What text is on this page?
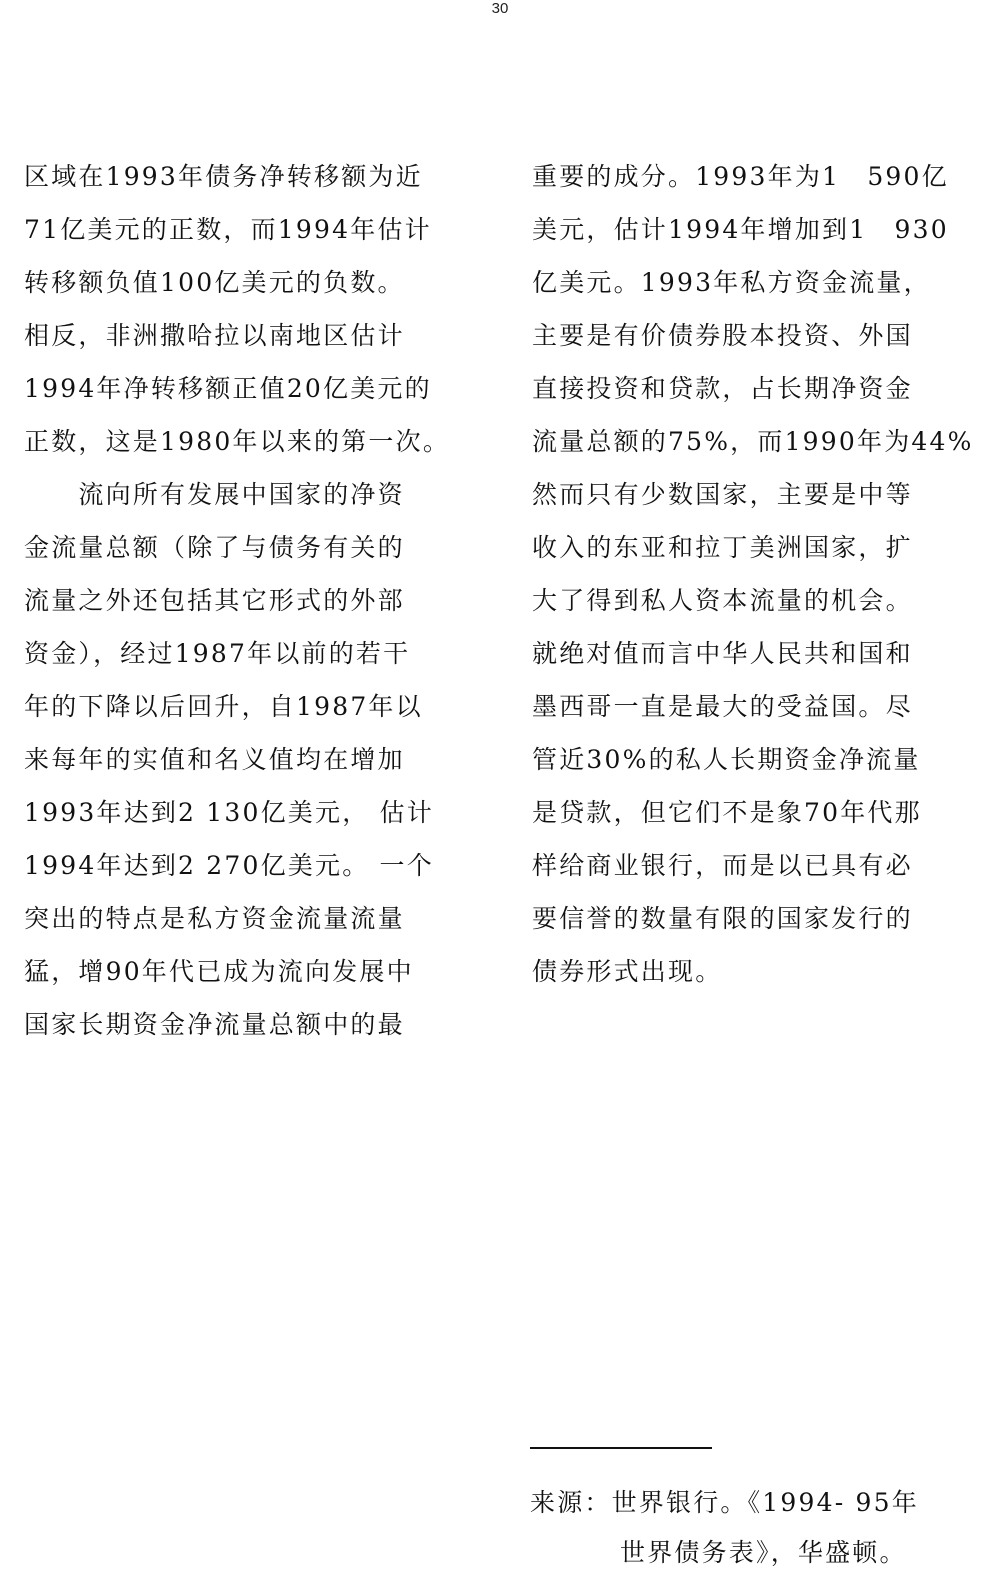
30
区域在1993年债务净转移额为近
71亿美元的正数，而1994年估计
转移额负值100亿美元的负数。
相反，非洲撒哈拉以南地区估计
1994年净转移额正值20亿美元的
正数，这是1980年以来的第一次。
　　流向所有发展中国家的净资
金流量总额（除了与债务有关的
流量之外还包括其它形式的外部
资金），经过1987年以前的若干
年的下降以后回升，自1987年以
来每年的实值和名义值均在增加
1993年达到2 130亿美元， 估计
1994年达到2 270亿美元。 一个
突出的特点是私方资金流量流量
猛，增90年代已成为流向发展中
国家长期资金净流量总额中的最
重要的成分。1993年为1　590亿
美元，估计1994年增加到1　930
亿美元。1993年私方资金流量，
主要是有价债券股本投资、外国
直接投资和贷款，占长期净资金
流量总额的75%，而1990年为44%
然而只有少数国家，主要是中等
收入的东亚和拉丁美洲国家，扩
大了得到私人资本流量的机会。
就绝对值而言中华人民共和国和
墨西哥一直是最大的受益国。尽
管近30%的私人长期资金净流量
是贷款，但它们不是象70年代那
样给商业银行，而是以已具有必
要信誉的数量有限的国家发行的
债券形式出现。
来源：世界银行。《1994- 95年
世界债务表》，华盛顿。
